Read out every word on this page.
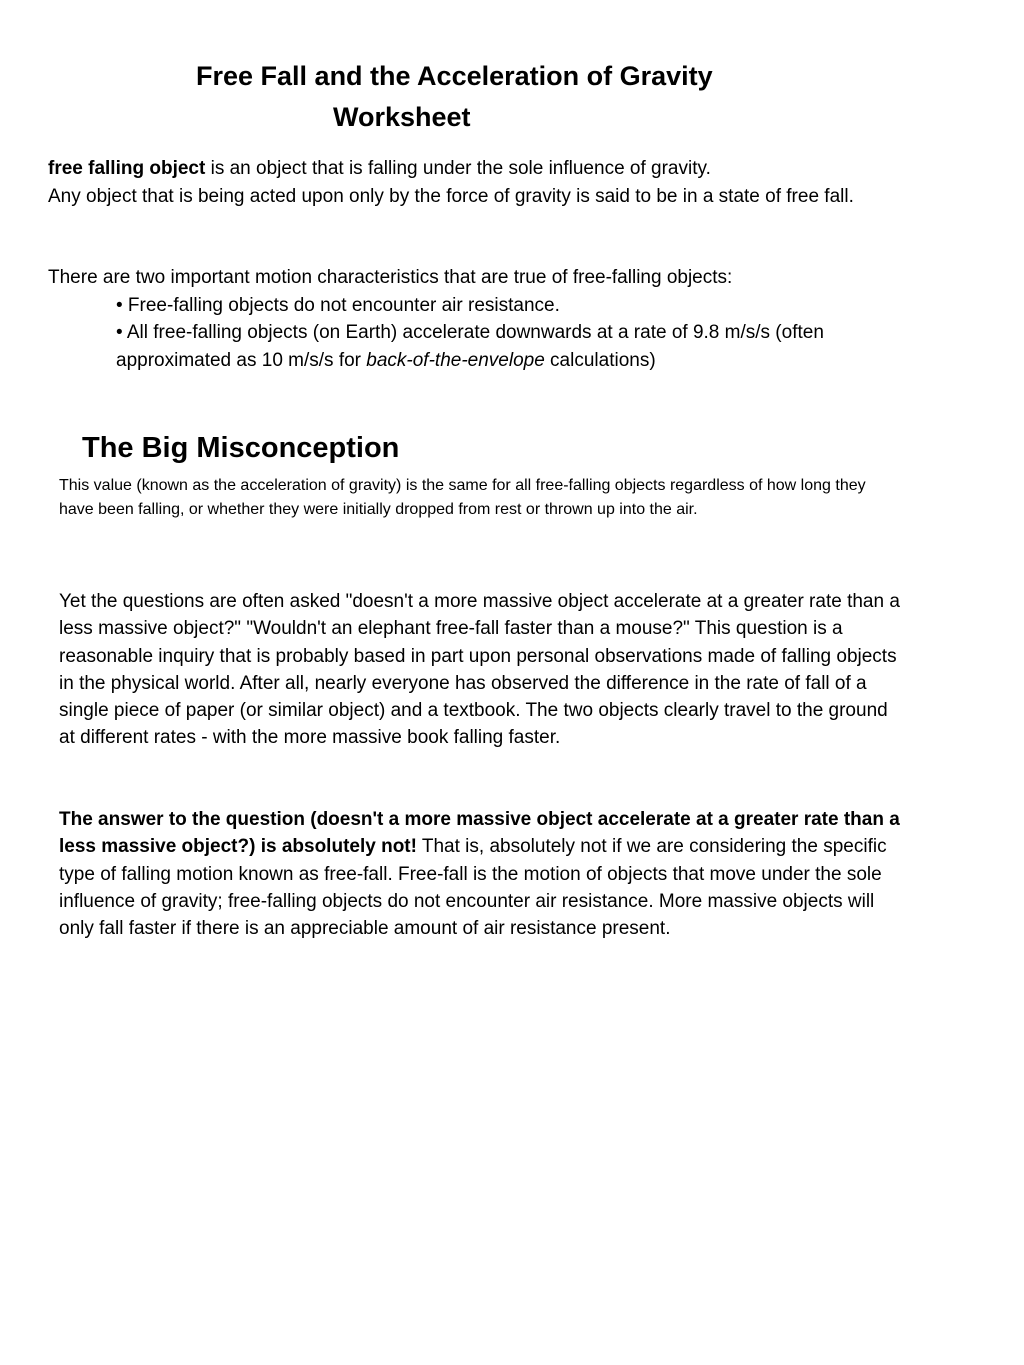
Free Fall and the Acceleration of Gravity
Worksheet

free falling object is an object that is falling under the sole influence of gravity.

Any object that is being acted upon only by the force of gravity is said to be in a state of free fall.

There are two important motion characteristics that are true of free-falling objects:

• Free-falling objects do not encounter air resistance.
• All free-falling objects (on Earth) accelerate downwards at a rate of 9.8 m/s/s (often approximated as 10 m/s/s for back-of-the-envelope calculations)
The Big Misconception

This value (known as the acceleration of gravity) is the same for all free-falling objects regardless of how long they have been falling, or whether they were initially dropped from rest or thrown up into the air.

Yet the questions are often asked "doesn't a more massive object accelerate at a greater rate than a less massive object?" "Wouldn't an elephant free-fall faster than a mouse?" This question is a reasonable inquiry that is probably based in part upon personal observations made of falling objects in the physical world. After all, nearly everyone has observed the difference in the rate of fall of a single piece of paper (or similar object) and a textbook. The two objects clearly travel to the ground at different rates - with the more massive book falling faster.

The answer to the question (doesn't a more massive object accelerate at a greater rate than a less massive object?) is absolutely not! That is, absolutely not if we are considering the specific type of falling motion known as free-fall. Free-fall is the motion of objects that move under the sole influence of gravity; free-falling objects do not encounter air resistance. More massive objects will only fall faster if there is an appreciable amount of air resistance present.
